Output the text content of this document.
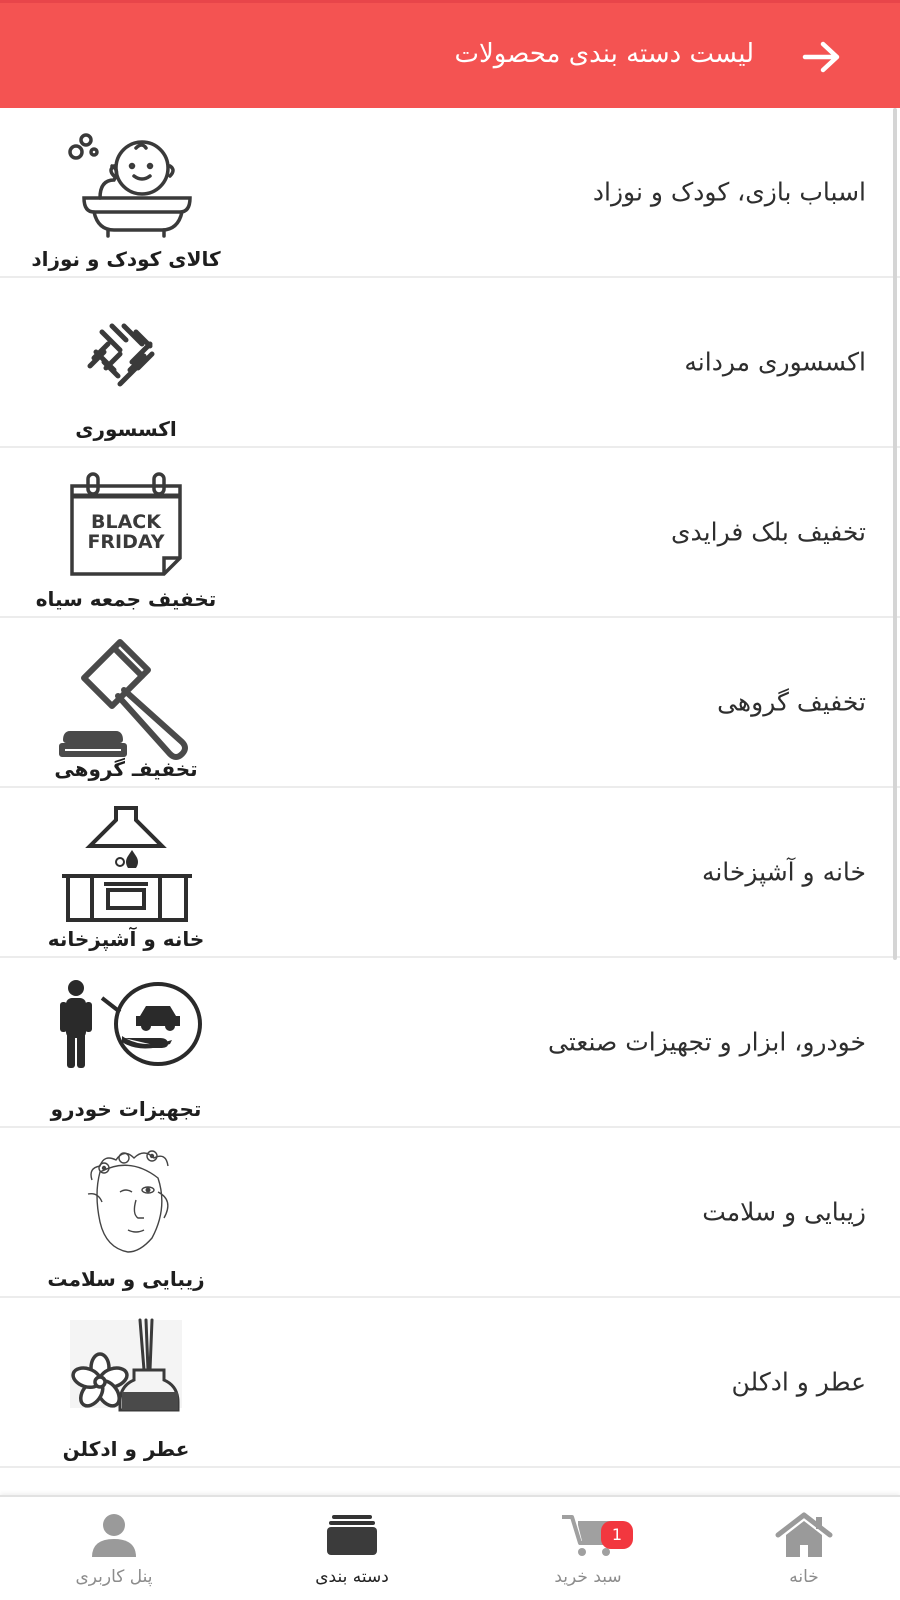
لیست دسته بندی محصولات
اسباب بازی، کودک و نوزاد
کالای کودک و نوزاد
اکسسوری مردانه
اکسسوری
تخفیف بلک فرایدی
BLACK
FRIDAY
تخفیف جمعه سیاه
تخفیف گروهی
تخفیفـ گروهی
خانه و آشپزخانه
خانه و آشپزخانه
خودرو، ابزار و تجهیزات صنعتی
تجهیزات خودرو
زیبایی و سلامت
زیبایی و سلامت
عطر و ادکلن
عطر و ادکلن
پنل کاربری	دسته بندی
1
سبد خرید	خانه
